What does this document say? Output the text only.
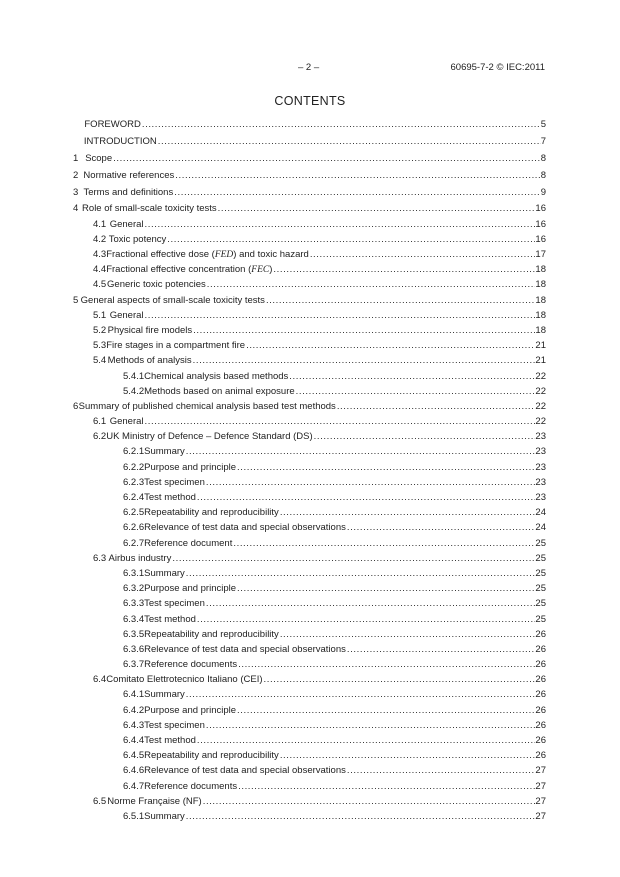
– 2 –	60695-7-2 © IEC:2011
CONTENTS
FOREWORD .....	5
INTRODUCTION .....	7
1 Scope .....	8
2 Normative references .....	8
3 Terms and definitions .....	9
4 Role of small-scale toxicity tests .....	16
4.1 General .....	16
4.2 Toxic potency .....	16
4.3 Fractional effective dose (FED) and toxic hazard .....	17
4.4 Fractional effective concentration (FEC) .....	18
4.5 Generic toxic potencies .....	18
5 General aspects of small-scale toxicity tests .....	18
5.1 General .....	18
5.2 Physical fire models .....	18
5.3 Fire stages in a compartment fire .....	21
5.4 Methods of analysis .....	21
5.4.1 Chemical analysis based methods .....	22
5.4.2 Methods based on animal exposure .....	22
6 Summary of published chemical analysis based test methods .....	22
6.1 General .....	22
6.2 UK Ministry of Defence – Defence Standard (DS) .....	23
6.2.1 Summary .....	23
6.2.2 Purpose and principle .....	23
6.2.3 Test specimen .....	23
6.2.4 Test method .....	23
6.2.5 Repeatability and reproducibility .....	24
6.2.6 Relevance of test data and special observations .....	24
6.2.7 Reference document .....	25
6.3 Airbus industry .....	25
6.3.1 Summary .....	25
6.3.2 Purpose and principle .....	25
6.3.3 Test specimen .....	25
6.3.4 Test method .....	25
6.3.5 Repeatability and reproducibility .....	26
6.3.6 Relevance of test data and special observations .....	26
6.3.7 Reference documents .....	26
6.4 Comitato Elettrotecnico Italiano (CEI) .....	26
6.4.1 Summary .....	26
6.4.2 Purpose and principle .....	26
6.4.3 Test specimen .....	26
6.4.4 Test method .....	26
6.4.5 Repeatability and reproducibility .....	26
6.4.6 Relevance of test data and special observations .....	27
6.4.7 Reference documents .....	27
6.5 Norme Française (NF) .....	27
6.5.1 Summary .....	27
